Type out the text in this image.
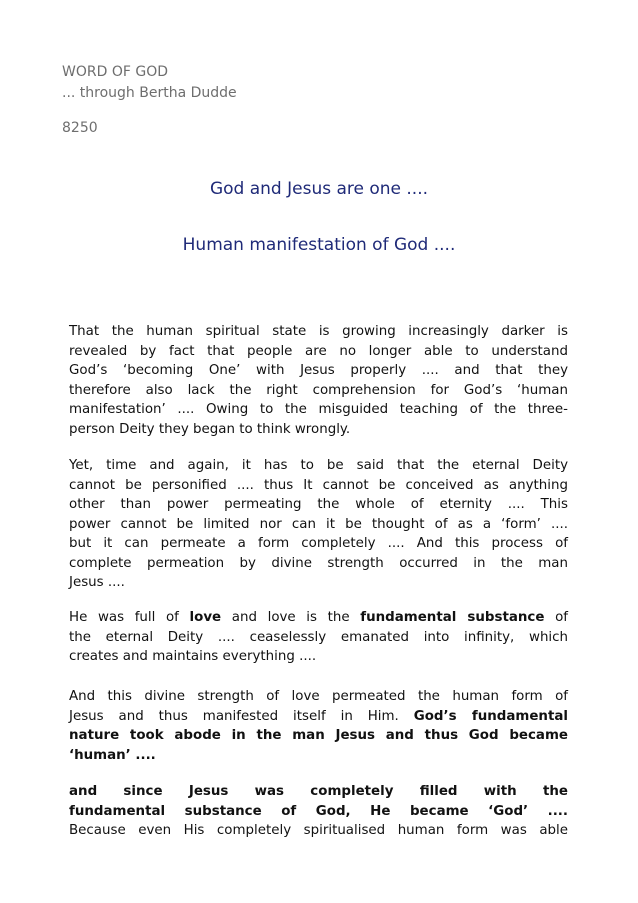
WORD OF GOD
... through Bertha Dudde
8250
God and Jesus are one ....
Human manifestation of God ....
That the human spiritual state is growing increasingly darker is
revealed by fact that people are no longer able to understand
God’s ‘becoming One’ with Jesus properly .... and that they
therefore also lack the right comprehension for God’s ‘human
manifestation’ .... Owing to the misguided teaching of the three-
person Deity they began to think wrongly.
Yet, time and again, it has to be said that the eternal Deity
cannot be personified .... thus It cannot be conceived as anything
other than power permeating the whole of eternity .... This
power cannot be limited nor can it be thought of as a ‘form’ ....
but it can permeate a form completely .... And this process of
complete permeation by divine strength occurred in the man
Jesus ....
He was full of love and love is the fundamental substance of
the eternal Deity .... ceaselessly emanated into infinity, which
creates and maintains everything ....
And this divine strength of love permeated the human form of
Jesus and thus manifested itself in Him. God’s fundamental
nature took abode in the man Jesus and thus God became
‘human’ ....
and since Jesus was completely filled with the
fundamental substance of God, He became ‘God’ ....
Because even His completely spiritualised human form was able
